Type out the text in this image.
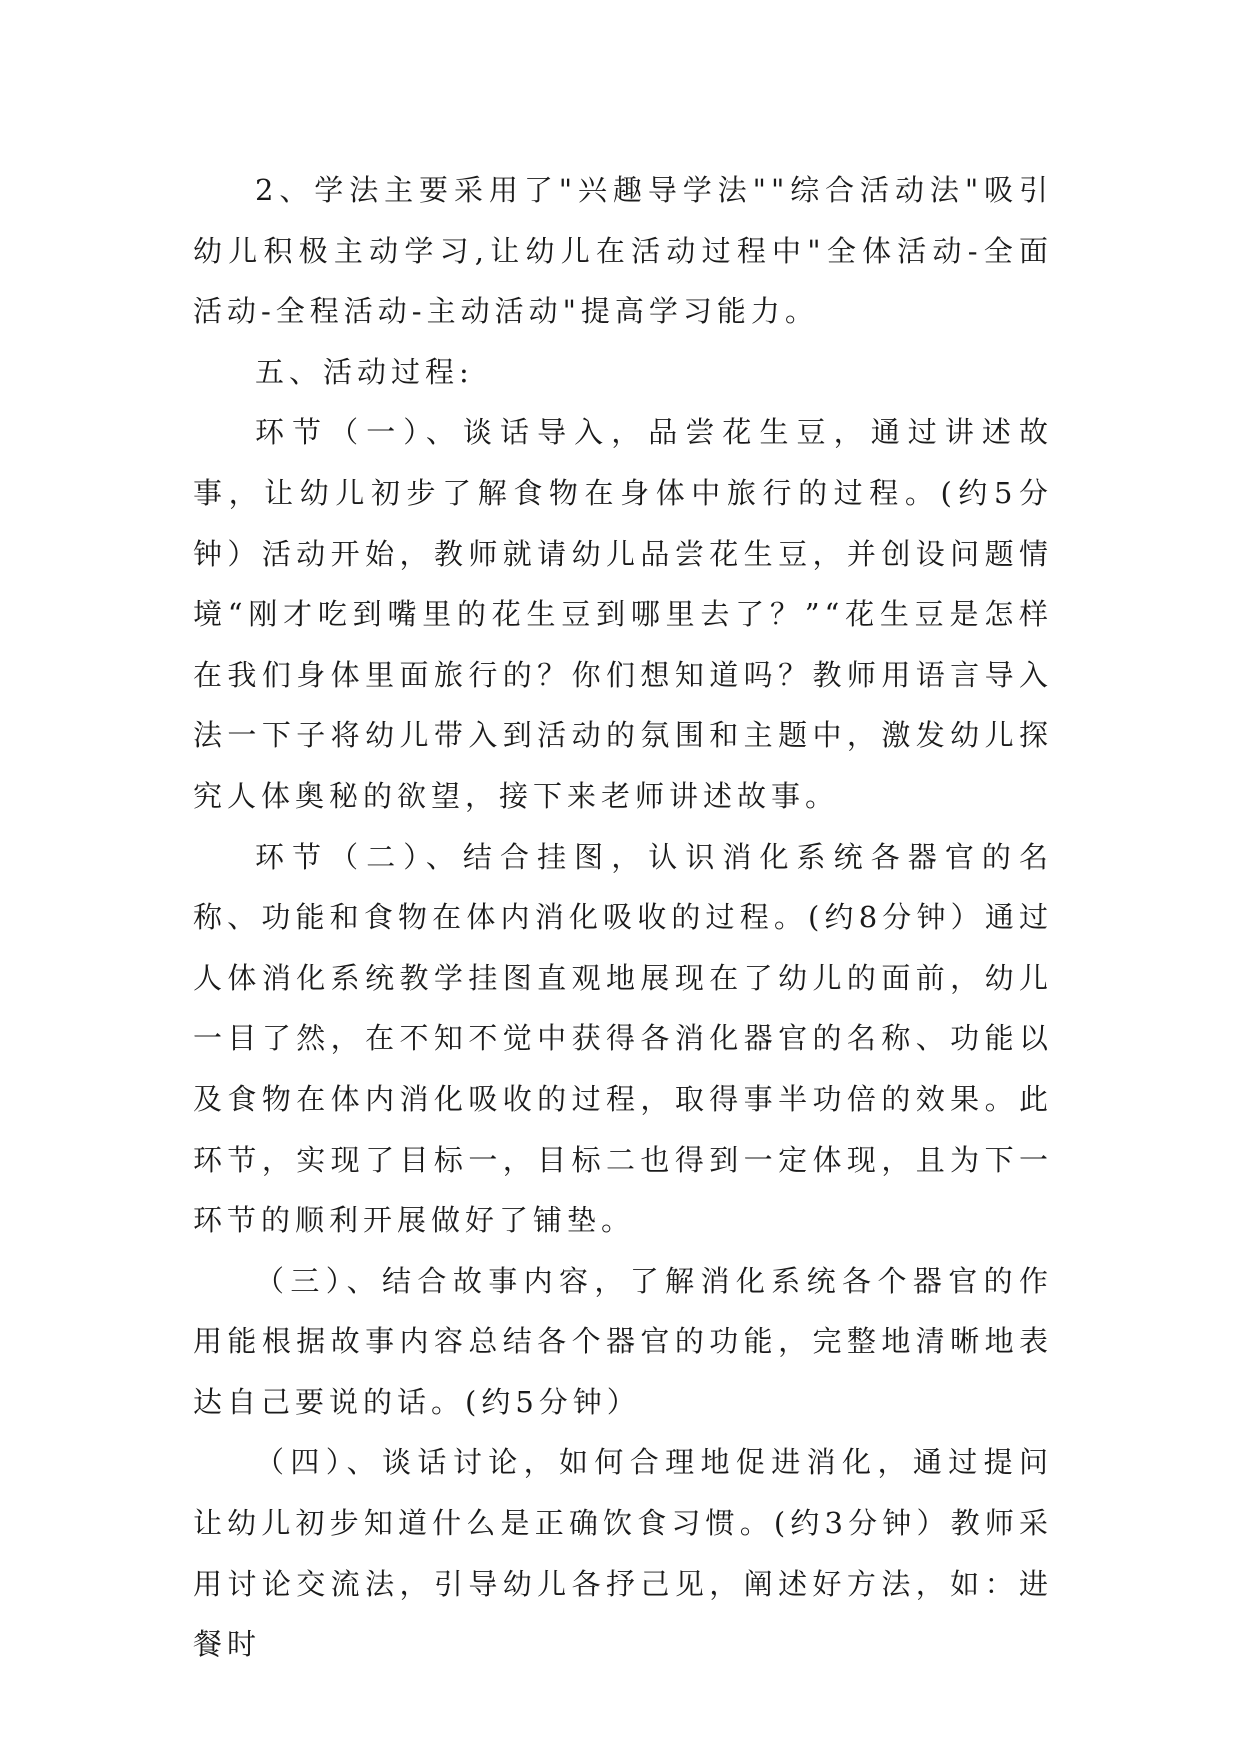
2、学法主要采用了"兴趣导学法""综合活动法"吸引幼儿积极主动学习,让幼儿在活动过程中"全体活动-全面活动-全程活动-主动活动"提高学习能力。

五、活动过程:

环节（一）、谈话导入，品尝花生豆，通过讲述故事，让幼儿初步了解食物在身体中旅行的过程。(约5分钟）活动开始，教师就请幼儿品尝花生豆，并创设问题情境“刚才吃到嘴里的花生豆到哪里去了？”“花生豆是怎样在我们身体里面旅行的？你们想知道吗？教师用语言导入法一下子将幼儿带入到活动的氛围和主题中，激发幼儿探究人体奥秘的欲望，接下来老师讲述故事。

环节（二）、结合挂图，认识消化系统各器官的名称、功能和食物在体内消化吸收的过程。(约8分钟）通过人体消化系统教学挂图直观地展现在了幼儿的面前，幼儿一目了然，在不知不觉中获得各消化器官的名称、功能以及食物在体内消化吸收的过程，取得事半功倍的效果。此环节，实现了目标一，目标二也得到一定体现，且为下一环节的顺利开展做好了铺垫。

（三）、结合故事内容，了解消化系统各个器官的作用能根据故事内容总结各个器官的功能，完整地清晰地表达自己要说的话。(约5分钟）

（四）、谈话讨论，如何合理地促进消化，通过提问让幼儿初步知道什么是正确饮食习惯。(约3分钟）教师采用讨论交流法，引导幼儿各抒己见，阐述好方法，如：进餐时
